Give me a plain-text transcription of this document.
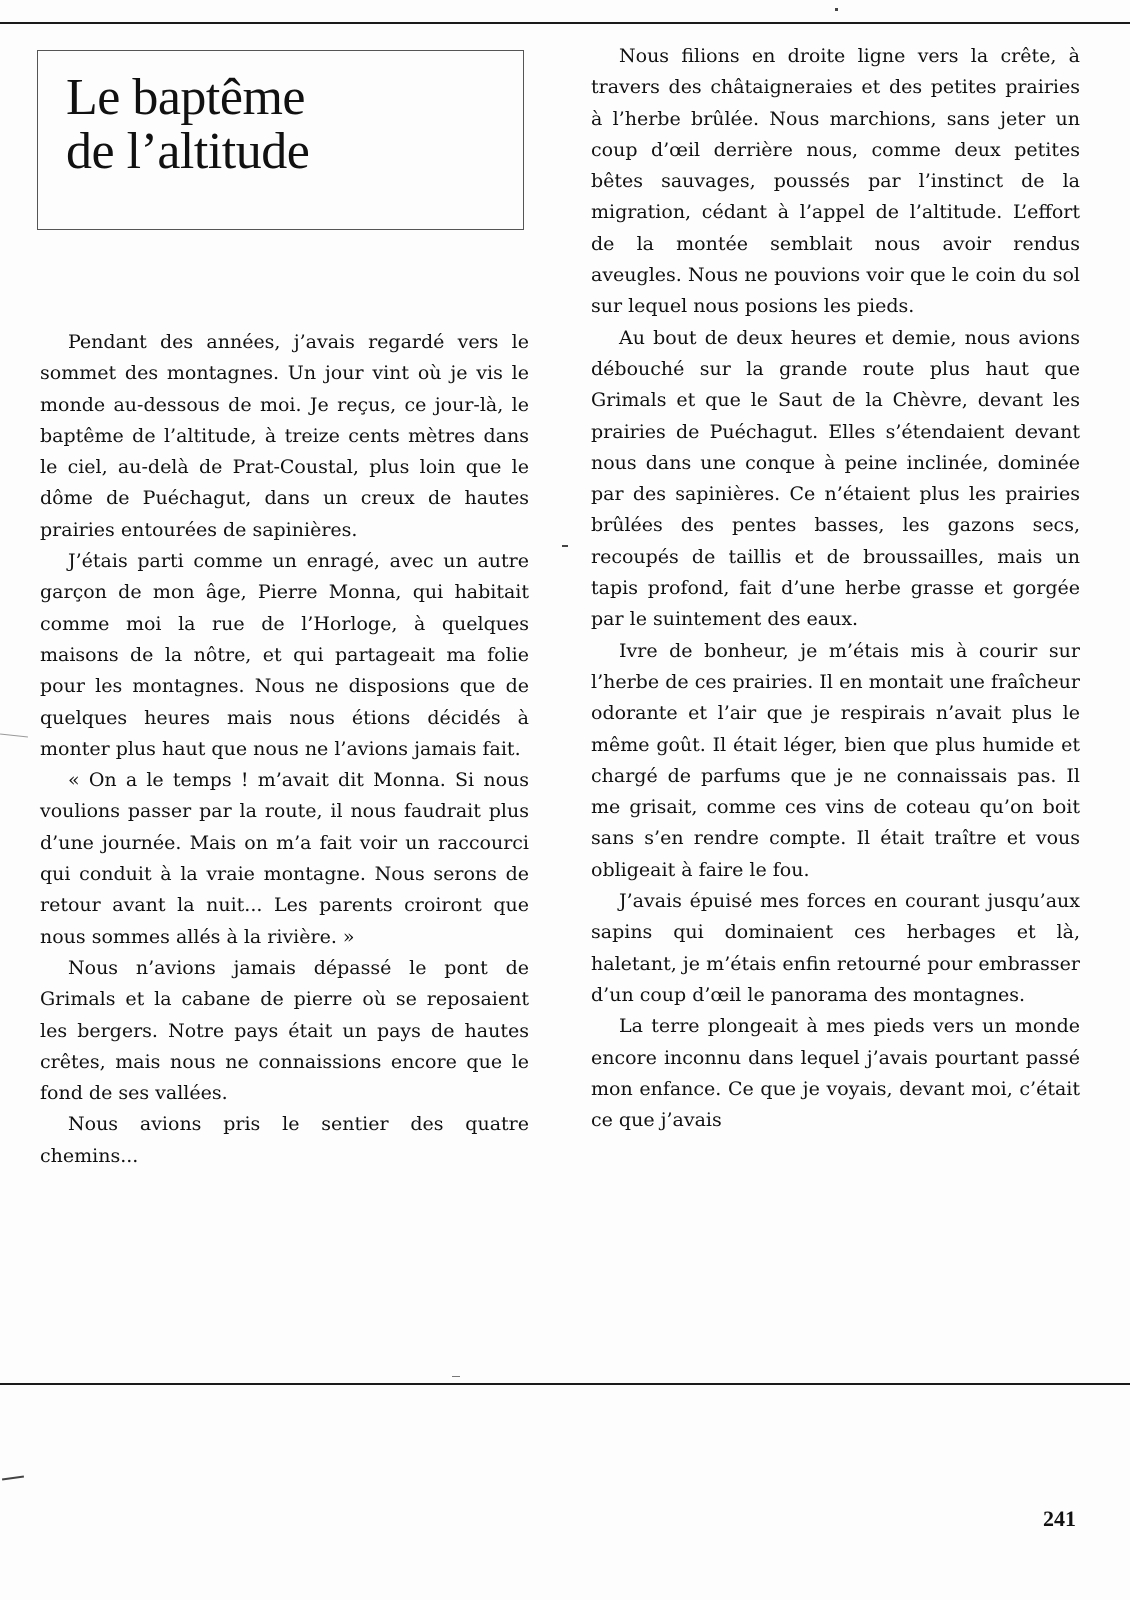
Le baptême
de l’altitude

Pendant des années, j’avais regardé vers le sommet des montagnes. Un jour vint où je vis le monde au-dessous de moi. Je reçus, ce jour-là, le baptême de l’altitude, à treize cents mètres dans le ciel, au-delà de Prat-Coustal, plus loin que le dôme de Puéchagut, dans un creux de hautes prairies entourées de sapinières.

J’étais parti comme un enragé, avec un autre garçon de mon âge, Pierre Monna, qui habitait comme moi la rue de l’Horloge, à quelques maisons de la nôtre, et qui partageait ma folie pour les montagnes. Nous ne disposions que de quelques heures mais nous étions décidés à monter plus haut que nous ne l’avions jamais fait.

« On a le temps ! m’avait dit Monna. Si nous voulions passer par la route, il nous faudrait plus d’une journée. Mais on m’a fait voir un raccourci qui conduit à la vraie montagne. Nous serons de retour avant la nuit... Les parents croiront que nous sommes allés à la rivière. »

Nous n’avions jamais dépassé le pont de Grimals et la cabane de pierre où se reposaient les bergers. Notre pays était un pays de hautes crêtes, mais nous ne connaissions encore que le fond de ses vallées.

Nous avions pris le sentier des quatre chemins...

Nous filions en droite ligne vers la crête, à travers des châtaigneraies et des petites prairies à l’herbe brûlée. Nous marchions, sans jeter un coup d’œil derrière nous, comme deux petites bêtes sauvages, poussés par l’instinct de la migration, cédant à l’appel de l’altitude. L’effort de la montée semblait nous avoir rendus aveugles. Nous ne pouvions voir que le coin du sol sur lequel nous posions les pieds.

Au bout de deux heures et demie, nous avions débouché sur la grande route plus haut que Grimals et que le Saut de la Chèvre, devant les prairies de Puéchagut. Elles s’étendaient devant nous dans une conque à peine inclinée, dominée par des sapinières. Ce n’étaient plus les prairies brûlées des pentes basses, les gazons secs, recoupés de taillis et de broussailles, mais un tapis profond, fait d’une herbe grasse et gorgée par le suintement des eaux.

Ivre de bonheur, je m’étais mis à courir sur l’herbe de ces prairies. Il en montait une fraîcheur odorante et l’air que je respirais n’avait plus le même goût. Il était léger, bien que plus humide et chargé de parfums que je ne connaissais pas. Il me grisait, comme ces vins de coteau qu’on boit sans s’en rendre compte. Il était traître et vous obligeait à faire le fou.

J’avais épuisé mes forces en courant jusqu’aux sapins qui dominaient ces herbages et là, haletant, je m’étais enfin retourné pour embrasser d’un coup d’œil le panorama des montagnes.

La terre plongeait à mes pieds vers un monde encore inconnu dans lequel j’avais pourtant passé mon enfance. Ce que je voyais, devant moi, c’était ce que j’avais

241
